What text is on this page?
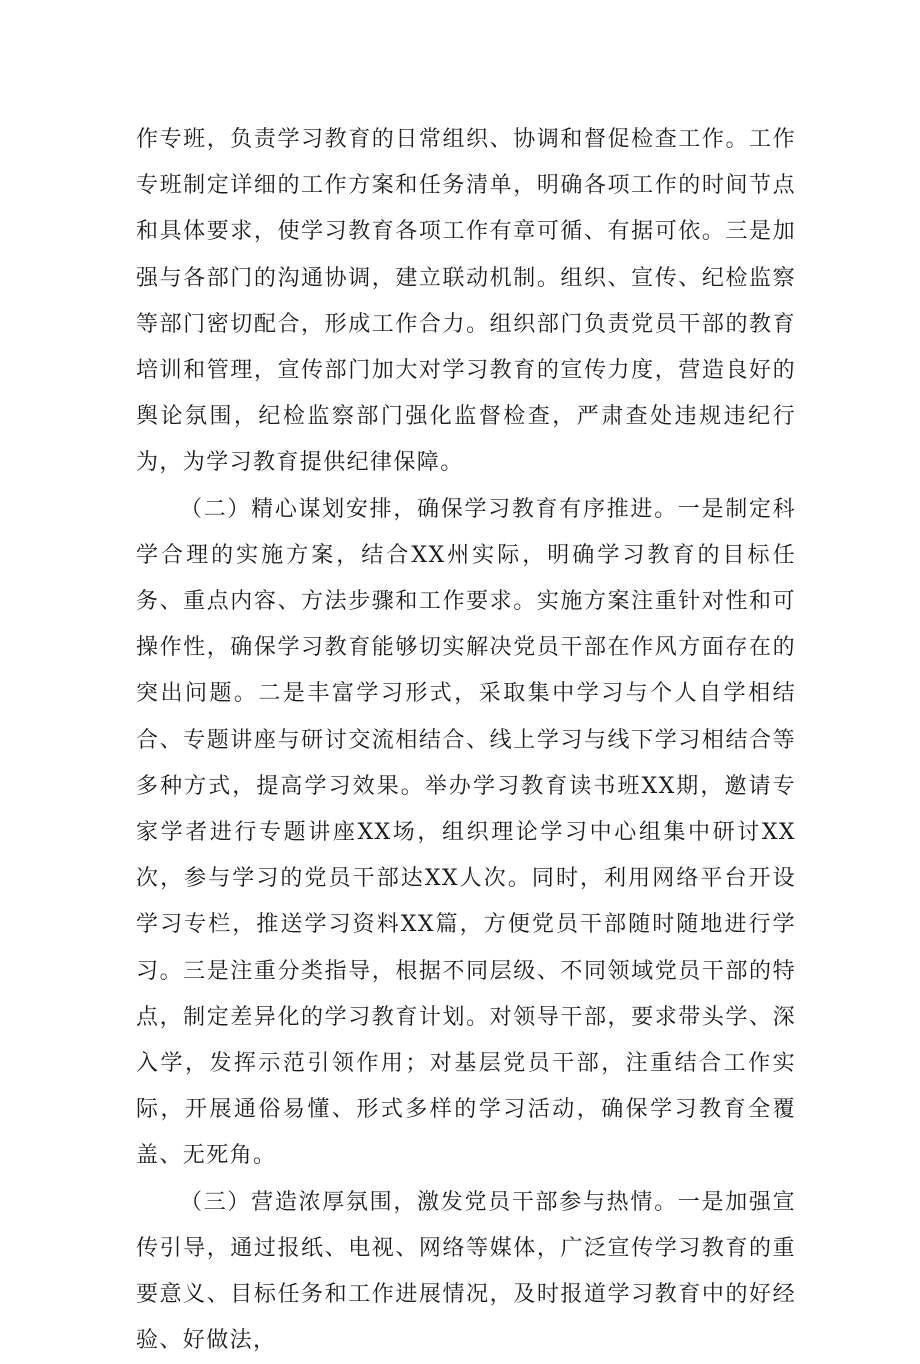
作专班，负责学习教育的日常组织、协调和督促检查工作。工作专班制定详细的工作方案和任务清单，明确各项工作的时间节点和具体要求，使学习教育各项工作有章可循、有据可依。三是加强与各部门的沟通协调，建立联动机制。组织、宣传、纪检监察等部门密切配合，形成工作合力。组织部门负责党员干部的教育培训和管理，宣传部门加大对学习教育的宣传力度，营造良好的舆论氛围，纪检监察部门强化监督检查，严肃查处违规违纪行为，为学习教育提供纪律保障。

（二）精心谋划安排，确保学习教育有序推进。一是制定科学合理的实施方案，结合XX州实际，明确学习教育的目标任务、重点内容、方法步骤和工作要求。实施方案注重针对性和可操作性，确保学习教育能够切实解决党员干部在作风方面存在的突出问题。二是丰富学习形式，采取集中学习与个人自学相结合、专题讲座与研讨交流相结合、线上学习与线下学习相结合等多种方式，提高学习效果。举办学习教育读书班XX期，邀请专家学者进行专题讲座XX场，组织理论学习中心组集中研讨XX次，参与学习的党员干部达XX人次。同时，利用网络平台开设学习专栏，推送学习资料XX篇，方便党员干部随时随地进行学习。三是注重分类指导，根据不同层级、不同领域党员干部的特点，制定差异化的学习教育计划。对领导干部，要求带头学、深入学，发挥示范引领作用；对基层党员干部，注重结合工作实际，开展通俗易懂、形式多样的学习活动，确保学习教育全覆盖、无死角。

（三）营造浓厚氛围，激发党员干部参与热情。一是加强宣传引导，通过报纸、电视、网络等媒体，广泛宣传学习教育的重要意义、目标任务和工作进展情况，及时报道学习教育中的好经验、好做法，
